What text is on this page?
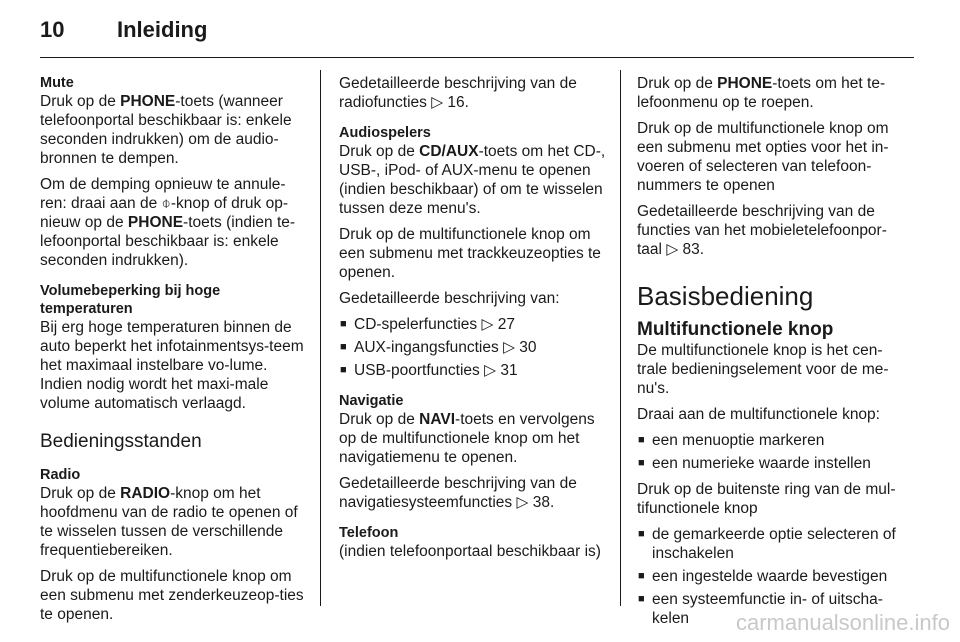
10 Inleiding
Mute

Druk op de PHONE-toets (wanneer telefoonportal beschikbaar is: enkele seconden indrukken) om de audio-bronnen te dempen.

Om de demping opnieuw te annule-ren: draai aan de ⌽-knop of druk op-nieuw op de PHONE-toets (indien te-lefoonportal beschikbaar is: enkele seconden indrukken).

Volumebeperking bij hoge temperaturen

Bij erg hoge temperaturen binnen de auto beperkt het infotainmentsys-teem het maximaal instelbare vo-lume. Indien nodig wordt het maxi-male volume automatisch verlaagd.

Bedieningsstanden
Radio

Druk op de RADIO-knop om het hoofdmenu van de radio te openen of te wisselen tussen de verschillende frequentiebereiken.

Druk op de multifunctionele knop om een submenu met zenderkeuzeop-ties te openen.

Gedetailleerde beschrijving van de radiofuncties ▷ 16.

Audiospelers

Druk op de CD/AUX-toets om het CD-, USB-, iPod- of AUX-menu te openen (indien beschikbaar) of om te wisselen tussen deze menu's.

Druk op de multifunctionele knop om een submenu met trackkeuzeopties te openen.

Gedetailleerde beschrijving van:

■ CD-spelerfuncties ▷ 27
■ AUX-ingangsfuncties ▷ 30
■ USB-poortfuncties ▷ 31
Navigatie

Druk op de NAVI-toets en vervolgens op de multifunctionele knop om het navigatiemenu te openen.

Gedetailleerde beschrijving van de navigatiesysteemfuncties ▷ 38.

Telefoon

(indien telefoonportaal beschikbaar is)

Druk op de PHONE-toets om het te-lefoonmenu op te roepen.

Druk op de multifunctionele knop om een submenu met opties voor het in-voeren of selecteren van telefoon-nummers te openen

Gedetailleerde beschrijving van de functies van het mobieletelefoonpor-taal ▷ 83.

Basisbediening
Multifunctionele knop

De multifunctionele knop is het cen-trale bedieningselement voor de me-nu's.

Draai aan de multifunctionele knop:

■ een menuoptie markeren
■ een numerieke waarde instellen

Druk op de buitenste ring van de mul-tifunctionele knop

■ de gemarkeerde optie selecteren of inschakelen
■ een ingestelde waarde bevestigen
■ een systeemfunctie in- of uitscha-kelen	carmanualsonline.info
